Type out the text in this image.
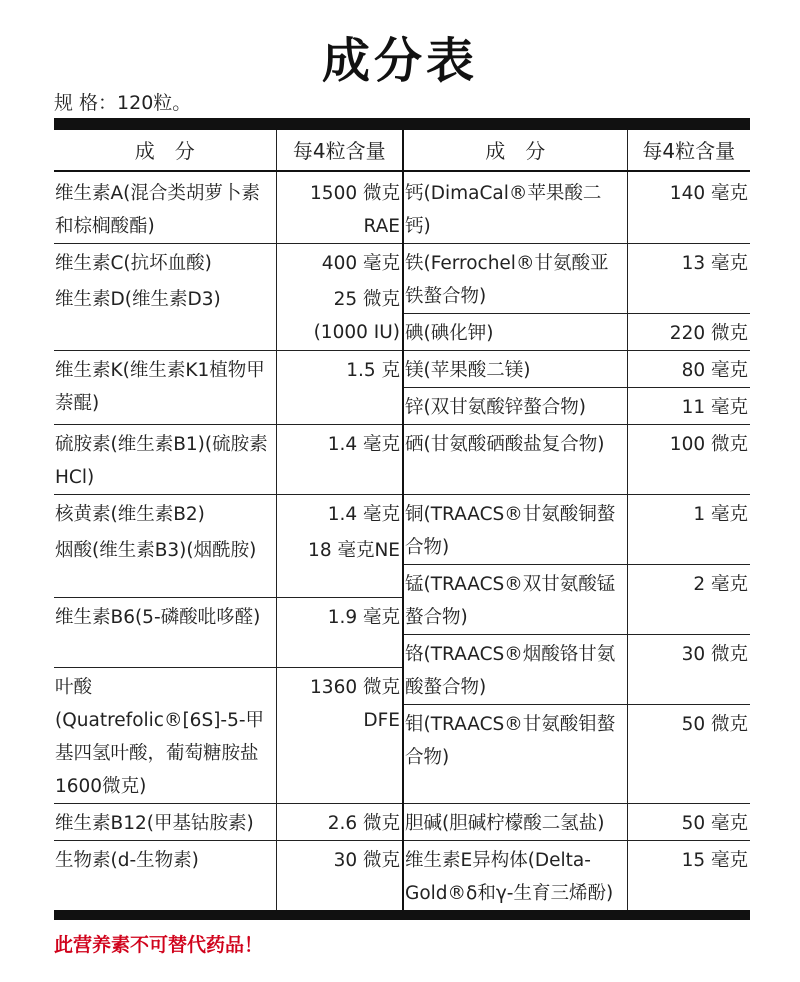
成分表
规 格：120粒。
成　分	每4粒含量	成　分	每4粒含量
维生素A(混合类胡萝卜素和棕榈酸酯)	1500 微克 RAE	钙(DimaCal®苹果酸二钙)	140 毫克

维生素C(抗坏血酸)	400 毫克	铁(Ferrochel®甘氨酸亚铁螯合物)	13 毫克
维生素D(维生素D3)	25 微克 (1000 IU)		
		碘(碘化钾)	220 微克
维生素K(维生素K1植物甲萘醌)	1.5 克	镁(苹果酸二镁)	80 毫克
		锌(双甘氨酸锌螯合物)	11 毫克
硫胺素(维生素B1)(硫胺素HCl)	1.4 毫克	硒(甘氨酸硒酸盐复合物)	100 微克
核黄素(维生素B2)	1.4 毫克	铜(TRAACS®甘氨酸铜螯合物)	1 毫克
烟酸(维生素B3)(烟酰胺)	18 毫克NE		
		锰(TRAACS®双甘氨酸锰螯合物)	2 毫克
维生素B6(5-磷酸吡哆醛)	1.9 毫克		
		铬(TRAACS®烟酸铬甘氨酸螯合物)	30 微克
叶酸(Quatrefolic®[6S]-5-甲基四氢叶酸，葡萄糖胺盐1600微克)	1360 微克 DFE		
		钼(TRAACS®甘氨酸钼螯合物)	50 微克

维生素B12(甲基钴胺素)	2.6 微克	胆碱(胆碱柠檬酸二氢盐)	50 毫克
生物素(d-生物素)	30 微克	维生素E异构体(Delta-Gold®δ和γ-生育三烯酚)	15 毫克
此营养素不可替代药品！
